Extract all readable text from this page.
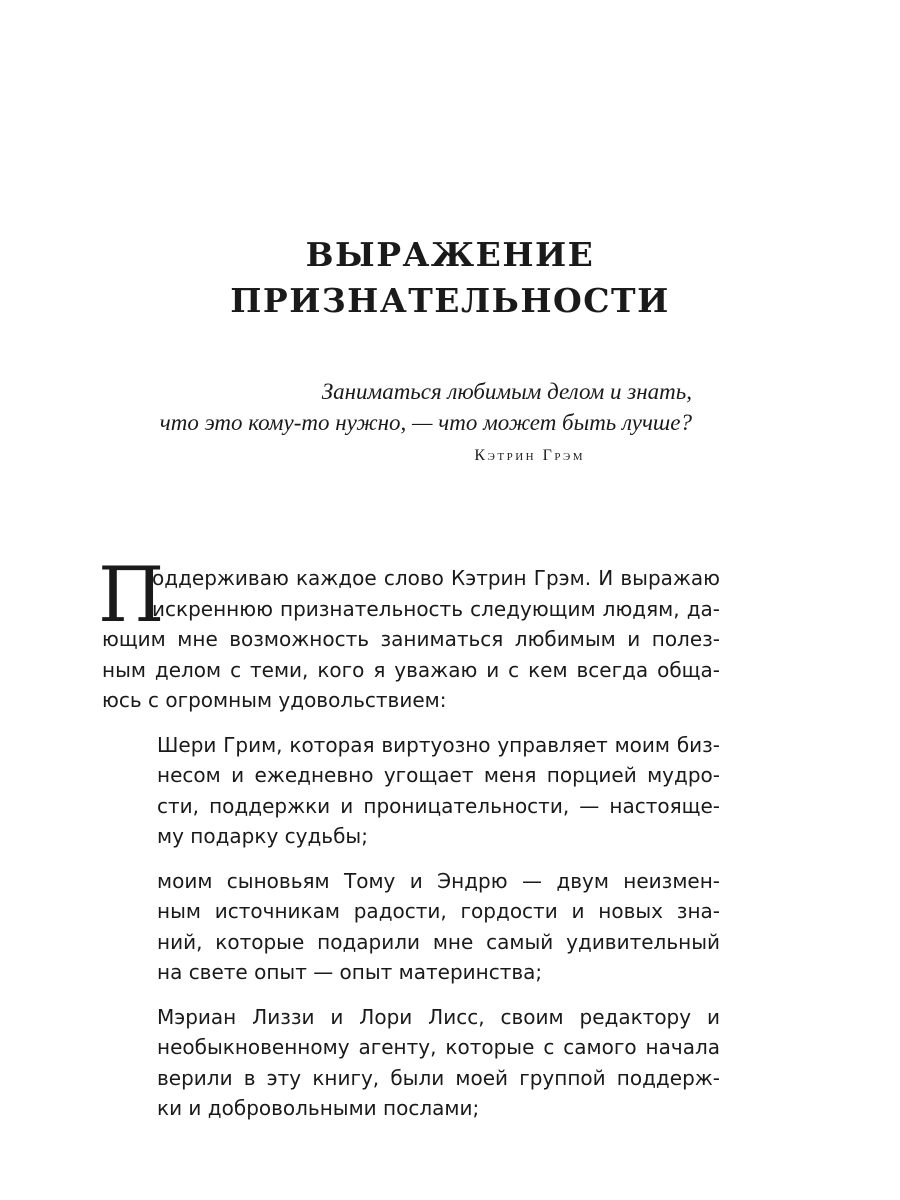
ВЫРАЖЕНИЕ
ПРИЗНАТЕЛЬНОСТИ
Заниматься любимым делом и знать,
что это кому-то нужно, — что может быть лучше?
Кэтрин Грэм
П
оддерживаю каждое слово Кэтрин Грэм. И выражаю
искреннюю признательность следующим людям, да-
ющим мне возможность заниматься любимым и полез-
ным делом с теми, кого я уважаю и с кем всегда обща-
юсь с огромным удовольствием:
Шери Грим, которая виртуозно управляет моим биз-
несом и ежедневно угощает меня порцией мудро-
сти, поддержки и проницательности, — настояще-
му подарку судьбы;
моим сыновьям Тому и Эндрю — двум неизмен-
ным источникам радости, гордости и новых зна-
ний, которые подарили мне самый удивительный
на свете опыт — опыт материнства;
Мэриан Лиззи и Лори Лисс, своим редактору и
необыкновенному агенту, которые с самого начала
верили в эту книгу, были моей группой поддерж-
ки и добровольными послами;
